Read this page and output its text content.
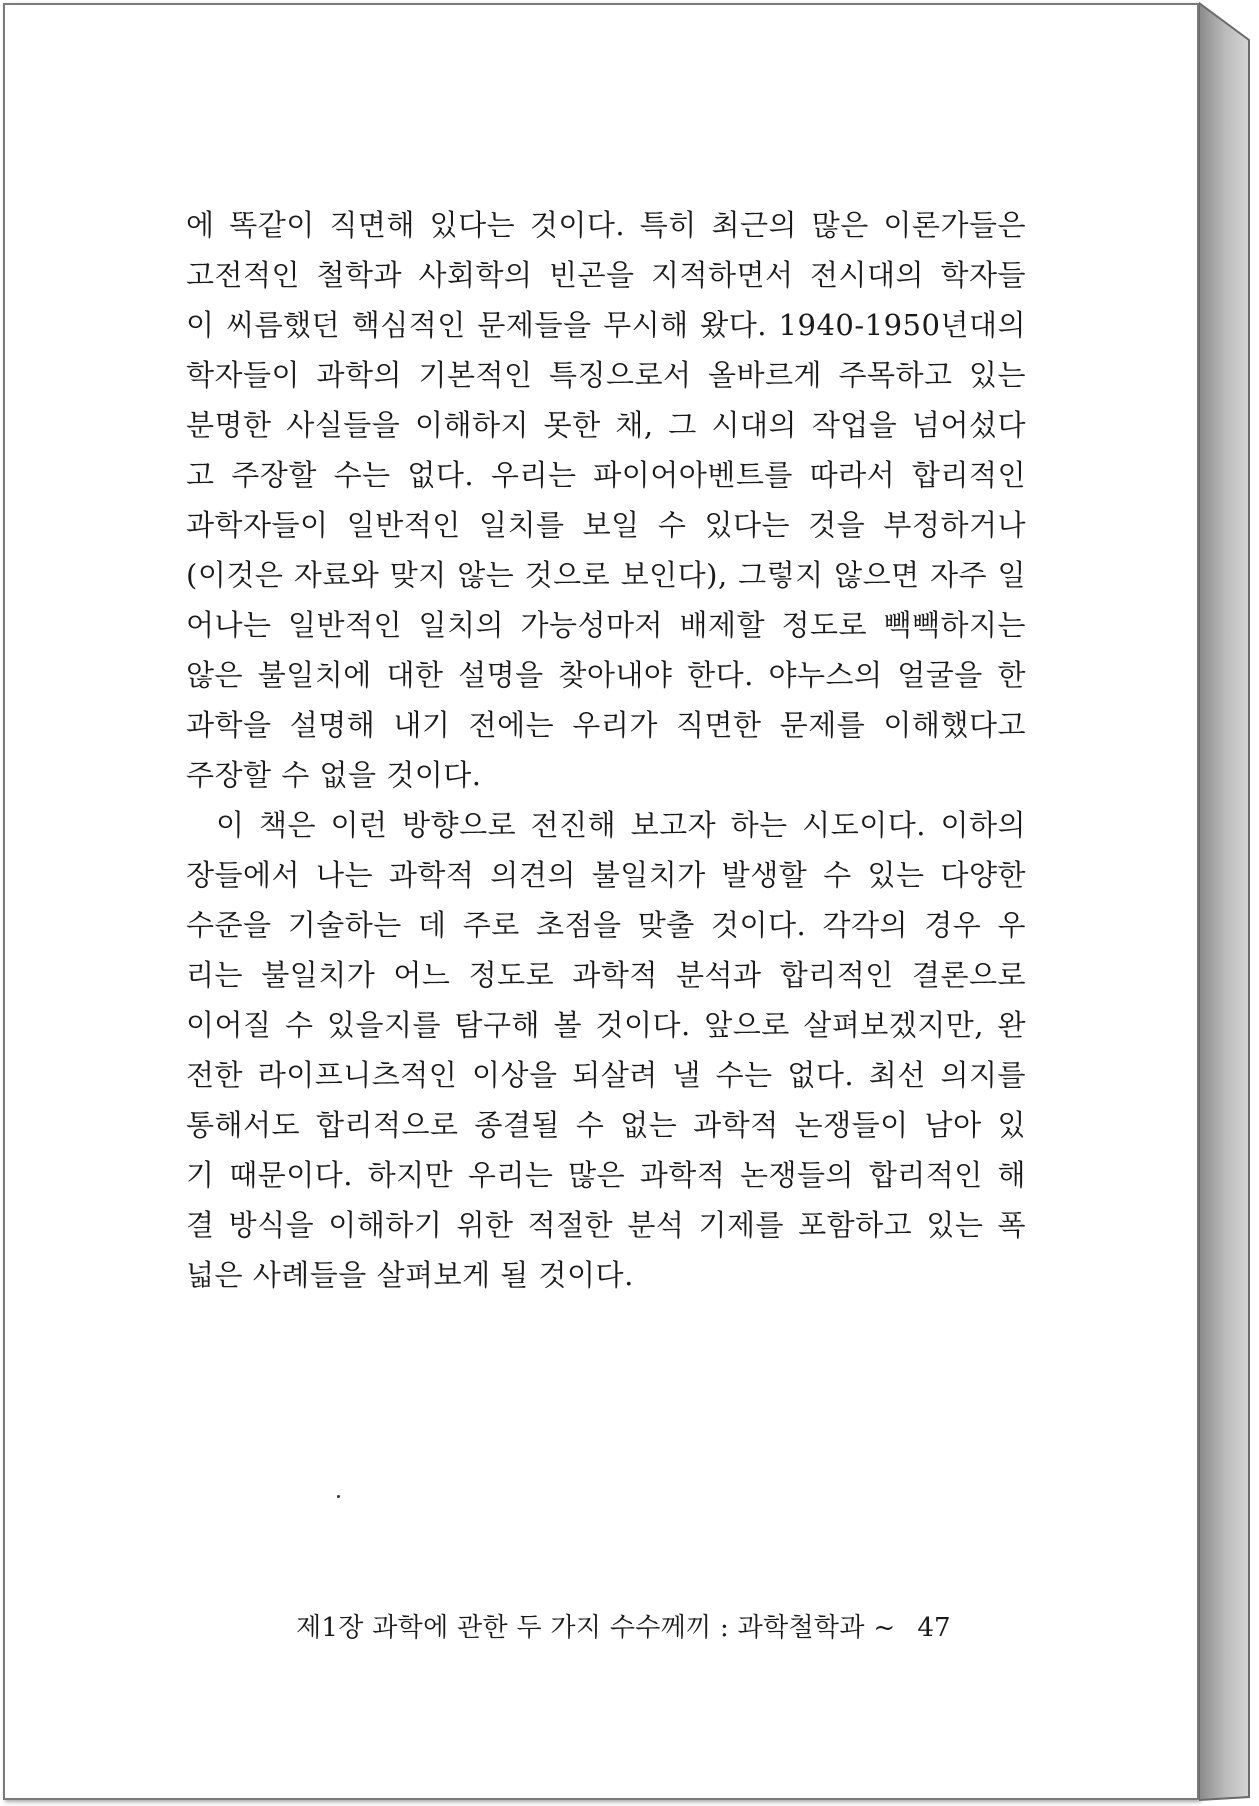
에 똑같이 직면해 있다는 것이다. 특히 최근의 많은 이론가들은
고전적인 철학과 사회학의 빈곤을 지적하면서 전시대의 학자들
이 씨름했던 핵심적인 문제들을 무시해 왔다. 1940-1950년대의
학자들이 과학의 기본적인 특징으로서 올바르게 주목하고 있는
분명한 사실들을 이해하지 못한 채, 그 시대의 작업을 넘어섰다
고 주장할 수는 없다. 우리는 파이어아벤트를 따라서 합리적인
과학자들이 일반적인 일치를 보일 수 있다는 것을 부정하거나
(이것은 자료와 맞지 않는 것으로 보인다), 그렇지 않으면 자주 일
어나는 일반적인 일치의 가능성마저 배제할 정도로 빽빽하지는
않은 불일치에 대한 설명을 찾아내야 한다. 야누스의 얼굴을 한
과학을 설명해 내기 전에는 우리가 직면한 문제를 이해했다고
주장할 수 없을 것이다.

이 책은 이런 방향으로 전진해 보고자 하는 시도이다. 이하의
장들에서 나는 과학적 의견의 불일치가 발생할 수 있는 다양한
수준을 기술하는 데 주로 초점을 맞출 것이다. 각각의 경우 우
리는 불일치가 어느 정도로 과학적 분석과 합리적인 결론으로
이어질 수 있을지를 탐구해 볼 것이다. 앞으로 살펴보겠지만, 완
전한 라이프니츠적인 이상을 되살려 낼 수는 없다. 최선 의지를
통해서도 합리적으로 종결될 수 없는 과학적 논쟁들이 남아 있
기 때문이다. 하지만 우리는 많은 과학적 논쟁들의 합리적인 해
결 방식을 이해하기 위한 적절한 분석 기제를 포함하고 있는 폭
넓은 사례들을 살펴보게 될 것이다.

제1장 과학에 관한 두 가지 수수께끼 : 과학철학과 ~ 47
